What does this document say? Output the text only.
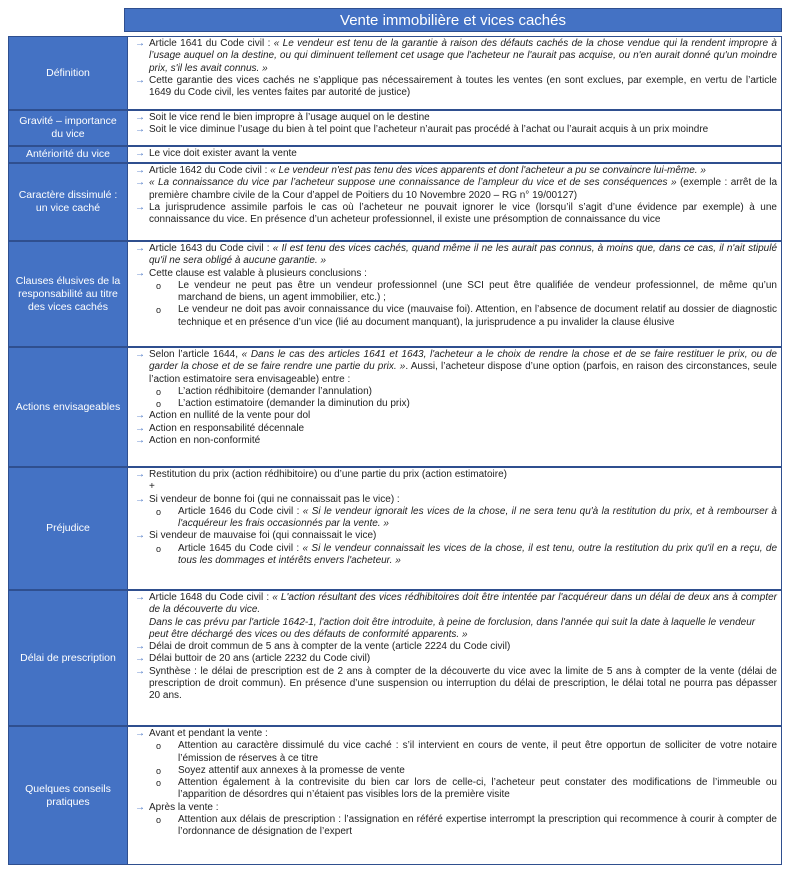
Vente immobilière et vices cachés
Définition
→ Article 1641 du Code civil : « Le vendeur est tenu de la garantie à raison des défauts cachés de la chose vendue qui la rendent impropre à l’usage auquel on la destine, ou qui diminuent tellement cet usage que l'acheteur ne l'aurait pas acquise, ou n'en aurait donné qu'un moindre prix, s'il les avait connus. »
→ Cette garantie des vices cachés ne s’applique pas nécessairement à toutes les ventes (en sont exclues, par exemple, en vertu de l’article 1649 du Code civil, les ventes faites par autorité de justice)
Gravité – importance du vice
→ Soit le vice rend le bien impropre à l’usage auquel on le destine
→ Soit le vice diminue l’usage du bien à tel point que l’acheteur n’aurait pas procédé à l’achat ou l’aurait acquis à un prix moindre
Antériorité du vice	→ Le vice doit exister avant la vente
Caractère dissimulé : un vice caché
→ Article 1642 du Code civil : « Le vendeur n'est pas tenu des vices apparents et dont l'acheteur a pu se convaincre lui-même. »
→ « La connaissance du vice par l’acheteur suppose une connaissance de l’ampleur du vice et de ses conséquences » (exemple : arrêt de la première chambre civile de la Cour d’appel de Poitiers du 10 Novembre 2020 – RG n° 19/00127)
→ La jurisprudence assimile parfois le cas où l’acheteur ne pouvait ignorer le vice (lorsqu’il s’agit d’une évidence par exemple) à une connaissance du vice. En présence d’un acheteur professionnel, il existe une présomption de connaissance du vice
Clauses élusives de la responsabilité au titre des vices cachés
→ Article 1643 du Code civil : « Il est tenu des vices cachés, quand même il ne les aurait pas connus, à moins que, dans ce cas, il n'ait stipulé qu'il ne sera obligé à aucune garantie. »
→ Cette clause est valable à plusieurs conclusions :
o Le vendeur ne peut pas être un vendeur professionnel (une SCI peut être qualifiée de vendeur professionnel, de même qu’un marchand de biens, un agent immobilier, etc.) ;
o Le vendeur ne doit pas avoir connaissance du vice (mauvaise foi). Attention, en l’absence de document relatif au dossier de diagnostic technique et en présence d’un vice (lié au document manquant), la jurisprudence a pu invalider la clause élusive
Actions envisageables
→ Selon l’article 1644, « Dans le cas des articles 1641 et 1643, l'acheteur a le choix de rendre la chose et de se faire restituer le prix, ou de garder la chose et de se faire rendre une partie du prix. ». Aussi, l’acheteur dispose d’une option (parfois, en raison des circonstances, seule l’action estimatoire sera envisageable) entre :
o L’action rédhibitoire (demander l’annulation)
o L’action estimatoire (demander la diminution du prix)
→ Action en nullité de la vente pour dol
→ Action en responsabilité décennale
→ Action en non-conformité
Préjudice
→ Restitution du prix (action rédhibitoire) ou d’une partie du prix (action estimatoire)
+
→ Si vendeur de bonne foi (qui ne connaissait pas le vice) :
o Article 1646 du Code civil : « Si le vendeur ignorait les vices de la chose, il ne sera tenu qu'à la restitution du prix, et à rembourser à l'acquéreur les frais occasionnés par la vente. »
→ Si vendeur de mauvaise foi (qui connaissait le vice)
o Article 1645 du Code civil : « Si le vendeur connaissait les vices de la chose, il est tenu, outre la restitution du prix qu'il en a reçu, de tous les dommages et intérêts envers l'acheteur. »
Délai de prescription
→ Article 1648 du Code civil : « L'action résultant des vices rédhibitoires doit être intentée par l'acquéreur dans un délai de deux ans à compter de la découverte du vice.
Dans le cas prévu par l'article 1642-1, l'action doit être introduite, à peine de forclusion, dans l'année qui suit la date à laquelle le vendeur peut être déchargé des vices ou des défauts de conformité apparents. »
→ Délai de droit commun de 5 ans à compter de la vente (article 2224 du Code civil)
→ Délai buttoir de 20 ans (article 2232 du Code civil)
→ Synthèse : le délai de prescription est de 2 ans à compter de la découverte du vice avec la limite de 5 ans à compter de la vente (délai de prescription de droit commun). En présence d’une suspension ou interruption du délai de prescription, le délai total ne pourra pas dépasser 20 ans.
Quelques conseils pratiques
→ Avant et pendant la vente :
o Attention au caractère dissimulé du vice caché : s’il intervient en cours de vente, il peut être opportun de solliciter de votre notaire l’émission de réserves à ce titre
o Soyez attentif aux annexes à la promesse de vente
o Attention également à la contrevisite du bien car lors de celle-ci, l’acheteur peut constater des modifications de l’immeuble ou l’apparition de désordres qui n’étaient pas visibles lors de la première visite
→ Après la vente :
o Attention aux délais de prescription : l’assignation en référé expertise interrompt la prescription qui recommence à courir à compter de l’ordonnance de désignation de l’expert
